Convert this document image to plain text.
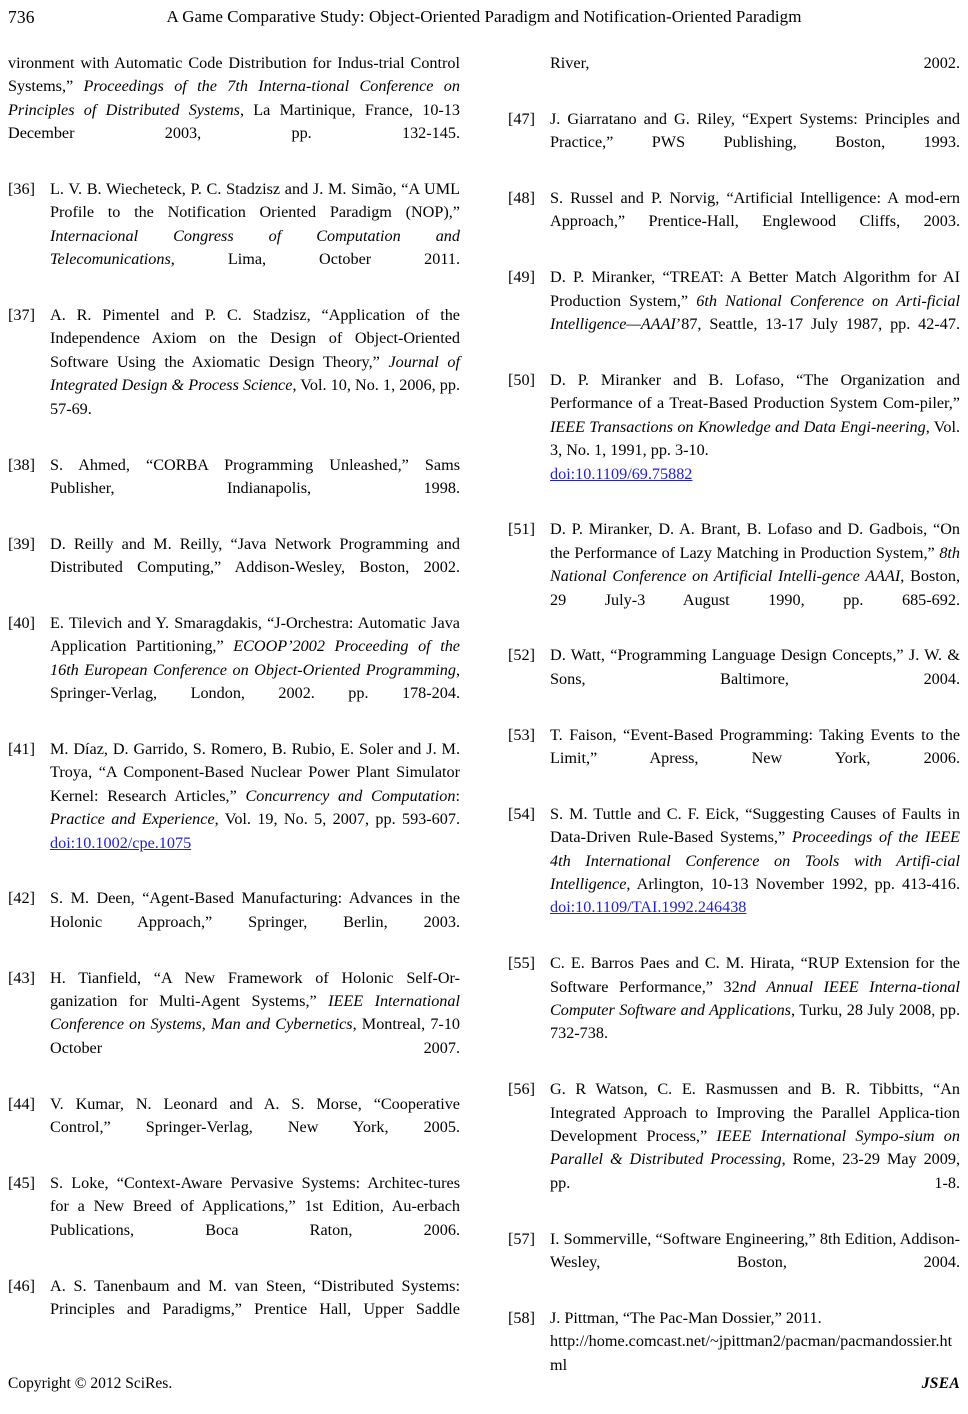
736	A Game Comparative Study: Object-Oriented Paradigm and Notification-Oriented Paradigm
vironment with Automatic Code Distribution for Indus-trial Control Systems,” Proceedings of the 7th Interna-tional Conference on Principles of Distributed Systems, La Martinique, France, 10-13 December 2003, pp. 132-145.
[36] L. V. B. Wiecheteck, P. C. Stadzisz and J. M. Simão, “A UML Profile to the Notification Oriented Paradigm (NOP),” Internacional Congress of Computation and Telecomunications, Lima, October 2011.
[37] A. R. Pimentel and P. C. Stadzisz, “Application of the Independence Axiom on the Design of Object-Oriented Software Using the Axiomatic Design Theory,” Journal of Integrated Design & Process Science, Vol. 10, No. 1, 2006, pp. 57-69.
[38] S. Ahmed, “CORBA Programming Unleashed,” Sams Publisher, Indianapolis, 1998.
[39] D. Reilly and M. Reilly, “Java Network Programming and Distributed Computing,” Addison-Wesley, Boston, 2002.
[40] E. Tilevich and Y. Smaragdakis, “J-Orchestra: Automatic Java Application Partitioning,” ECOOP’2002 Proceeding of the 16th European Conference on Object-Oriented Programming, Springer-Verlag, London, 2002. pp. 178-204.
[41] M. Díaz, D. Garrido, S. Romero, B. Rubio, E. Soler and J. M. Troya, “A Component-Based Nuclear Power Plant Simulator Kernel: Research Articles,” Concurrency and Computation: Practice and Experience, Vol. 19, No. 5, 2007, pp. 593-607. doi:10.1002/cpe.1075
[42] S. M. Deen, “Agent-Based Manufacturing: Advances in the Holonic Approach,” Springer, Berlin, 2003.
[43] H. Tianfield, “A New Framework of Holonic Self-Or-ganization for Multi-Agent Systems,” IEEE International Conference on Systems, Man and Cybernetics, Montreal, 7-10 October 2007.
[44] V. Kumar, N. Leonard and A. S. Morse, “Cooperative Control,” Springer-Verlag, New York, 2005.
[45] S. Loke, “Context-Aware Pervasive Systems: Architec-tures for a New Breed of Applications,” 1st Edition, Au-erbach Publications, Boca Raton, 2006.
[46] A. S. Tanenbaum and M. van Steen, “Distributed Systems: Principles and Paradigms,” Prentice Hall, Upper Saddle
River, 2002.
[47] J. Giarratano and G. Riley, “Expert Systems: Principles and Practice,” PWS Publishing, Boston, 1993.
[48] S. Russel and P. Norvig, “Artificial Intelligence: A mod-ern Approach,” Prentice-Hall, Englewood Cliffs, 2003.
[49] D. P. Miranker, “TREAT: A Better Match Algorithm for AI Production System,” 6th National Conference on Arti-ficial Intelligence—AAAI’87, Seattle, 13-17 July 1987, pp. 42-47.
[50] D. P. Miranker and B. Lofaso, “The Organization and Performance of a Treat-Based Production System Com-piler,” IEEE Transactions on Knowledge and Data Engi-neering, Vol. 3, No. 1, 1991, pp. 3-10.
doi:10.1109/69.75882
[51] D. P. Miranker, D. A. Brant, B. Lofaso and D. Gadbois, “On the Performance of Lazy Matching in Production System,” 8th National Conference on Artificial Intelli-gence AAAI, Boston, 29 July-3 August 1990, pp. 685-692.
[52] D. Watt, “Programming Language Design Concepts,” J. W. & Sons, Baltimore, 2004.
[53] T. Faison, “Event-Based Programming: Taking Events to the Limit,” Apress, New York, 2006.
[54] S. M. Tuttle and C. F. Eick, “Suggesting Causes of Faults in Data-Driven Rule-Based Systems,” Proceedings of the IEEE 4th International Conference on Tools with Artifi-cial Intelligence, Arlington, 10-13 November 1992, pp. 413-416. doi:10.1109/TAI.1992.246438
[55] C. E. Barros Paes and C. M. Hirata, “RUP Extension for the Software Performance,” 32nd Annual IEEE Interna-tional Computer Software and Applications, Turku, 28 July 2008, pp. 732-738.
[56] G. R Watson, C. E. Rasmussen and B. R. Tibbitts, “An Integrated Approach to Improving the Parallel Applica-tion Development Process,” IEEE International Sympo-sium on Parallel & Distributed Processing, Rome, 23-29 May 2009, pp. 1-8.
[57] I. Sommerville, “Software Engineering,” 8th Edition, Addison-Wesley, Boston, 2004.
[58] J. Pittman, “The Pac-Man Dossier,” 2011.
http://home.comcast.net/~jpittman2/pacman/pacmandossier.html
Copyright © 2012 SciRes.	JSEA
